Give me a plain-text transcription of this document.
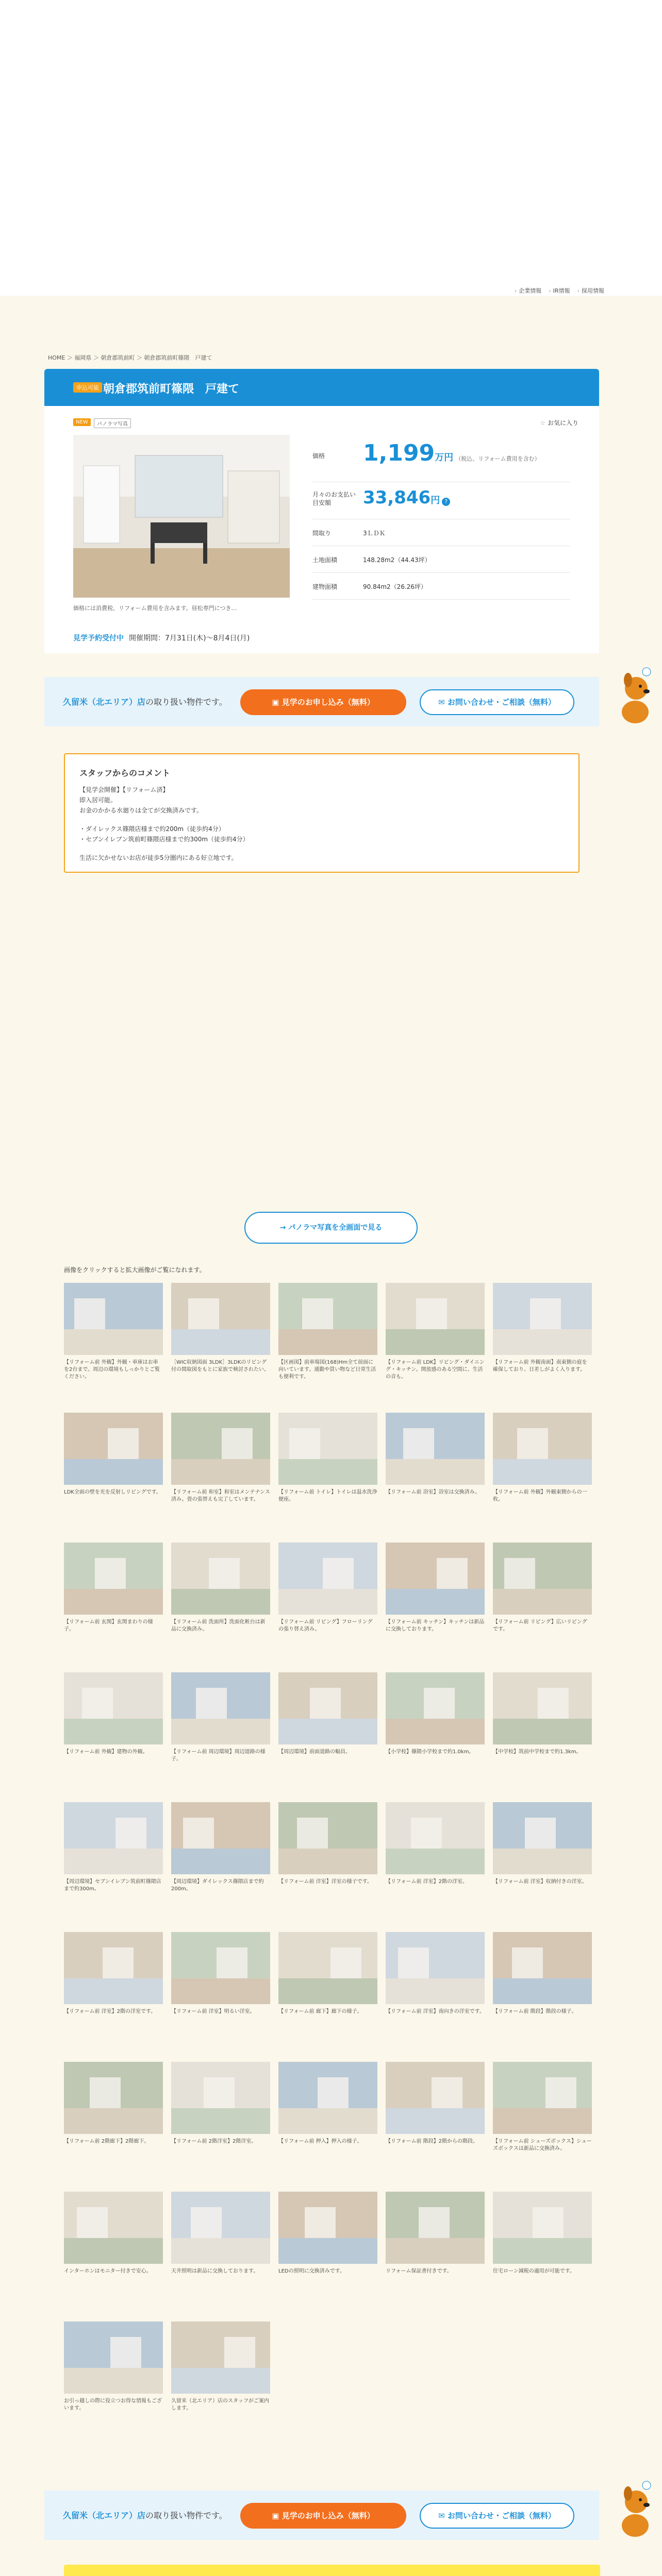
› 企業情報	› IR情報	› 採用情報
HOME ＞ 福岡県 ＞ 朝倉郡筑前町 ＞ 朝倉郡筑前町篠隈　戸建て
申込可能 朝倉郡筑前町篠隈　戸建て
NEW	パノラマ写真	☆ お気に入り
価格には消費税、リフォーム費用を含みます。昼松専門につき…
価格 1,199万円 （税込、リフォーム費用を含む）
月々のお支払い
目安額	33,846円 ?
間取り	3ＬＤＫ
土地面積	148.28m2（44.43坪）
建物面積	90.84m2（26.26坪）
見学予約受付中 開催期間：7月31日(木)〜8月4日(月)
久留米（北エリア）店の取り扱い物件です。	▣ 見学のお申し込み（無料）	✉ お問い合わせ・ご相談（無料）
スタッフからのコメント
【見学会開催】【リフォーム済】
即入居可能。
お金のかかる水廻りは全てが交換済みです。
・ダイレックス篠隈店様まで約200m（徒歩約4分）
・セブンイレブン筑前町篠隈店様まで約300m（徒歩約4分）
生活に欠かせないお店が徒歩5分圏内にある好立地です。
→ パノラマ写真を全画面で見る
画像をクリックすると拡大画像がご覧になれます。
【リフォーム前 外観】外観・車庫はお車を2台まで。周辺の環境もしっかりとご覧ください。
［WIC収納図面 3LDK］3LDKのリビング付の間取図をもとに家族で検討されたい。
【区画図】前車場図(168)Hm全て前面に向いています。通勤や買い物など日常生活も便利です。
【リフォーム前 LDK】リビング・ダイニング・キッチン。開放感のある空間に、生活の音も。
【リフォーム前 外観南面】南東側の庭を確保しており、日差しがよく入ります。
LDK全面の壁を光を反射しリビングです。	【リフォーム前 和室】和室はメンテナンス済み。畳の張替えも完了しています。
【リフォーム前 トイレ】トイレは温水洗浄便座。
【リフォーム前 浴室】浴室は交換済み。	【リフォーム前 外観】外観東側からの一枚。
【リフォーム前 玄関】玄関まわりの様子。
【リフォーム前 洗面所】洗面化粧台は新品に交換済み。
【リフォーム前 リビング】フローリングの張り替え済み。
【リフォーム前 キッチン】キッチンは新品に交換しております。
【リフォーム前 リビング】広いリビングです。
【リフォーム前 外観】建物の外観。	【リフォーム前 周辺環境】周辺道路の様子。
【周辺環境】前面道路の幅員。	【小学校】篠隈小学校まで約1.0km。	【中学校】筑前中学校まで約1.3km。
【周辺環境】セブンイレブン筑前町篠隈店まで約300m。
【周辺環境】ダイレックス篠隈店まで約200m。
【リフォーム前 洋室】洋室の様子です。	【リフォーム前 洋室】2階の洋室。	【リフォーム前 洋室】収納付きの洋室。
【リフォーム前 洋室】2階の洋室です。	【リフォーム前 洋室】明るい洋室。	【リフォーム前 廊下】廊下の様子。	【リフォーム前 洋室】南向きの洋室です。 【リフォーム前 階段】階段の様子。
【リフォーム前 2階廊下】2階廊下。	【リフォーム前 2階洋室】2階洋室。	【リフォーム前 押入】押入の様子。	【リフォーム前 階段】2階からの階段。	【リフォーム前 シューズボックス】シューズボックスは新品に交換済み。
インターホンはモニター付きで安心。	天井照明は新品に交換しております。	LEDの照明に交換済みです。	リフォーム保証書付きです。	住宅ローン減税の適用が可能です。
お引っ越しの際に役立つお得な情報もございます。
久留米（北エリア）店のスタッフがご案内します。
久留米（北エリア）店の取り扱い物件です。	▣ 見学のお申し込み（無料）	✉ お問い合わせ・ご相談（無料）
